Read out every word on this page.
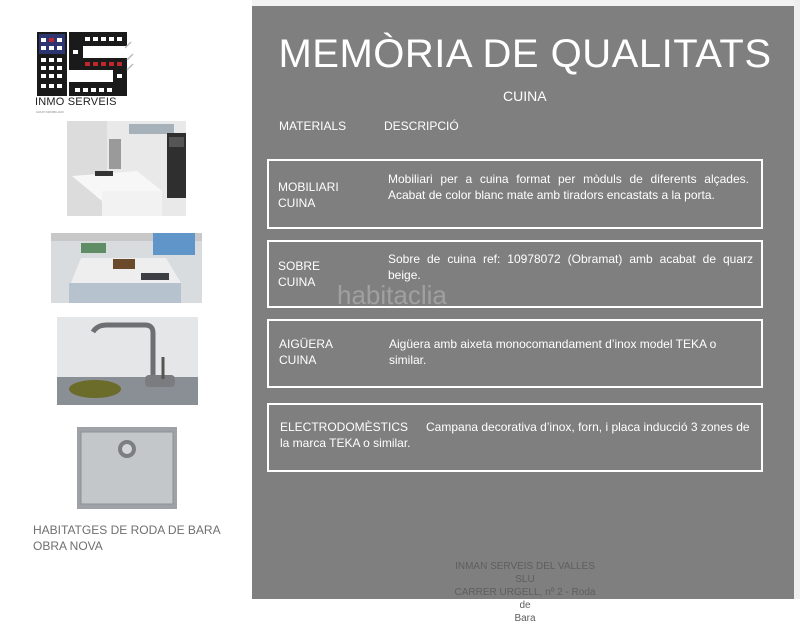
INMO SERVEIS
GRUP INMOBILIARI
HABITATGES DE RODA DE BARA
OBRA NOVA
MEMÒRIA DE QUALITATS
CUINA
MATERIALS	DESCRIPCIÓ
MOBILIARI
CUINA
Mobiliari per a cuina format per mòduls de diferents alçades. Acabat de color blanc mate amb tiradors encastats a la porta.
SOBRE
CUINA
Sobre de cuina ref: 10978072 (Obramat) amb acabat de quarz beige.
AIGÜERA
CUINA
Aigüera amb aixeta monocomandament d’inox model TEKA o similar.
ELECTRODOMÈSTICS Campana decorativa d’inox, forn, i placa inducció 3 zones de la marca TEKA o similar.
habitaclia
INMAN SERVEIS DEL VALLES SLU
CARRER URGELL, nº 2 - Roda de
Bara
